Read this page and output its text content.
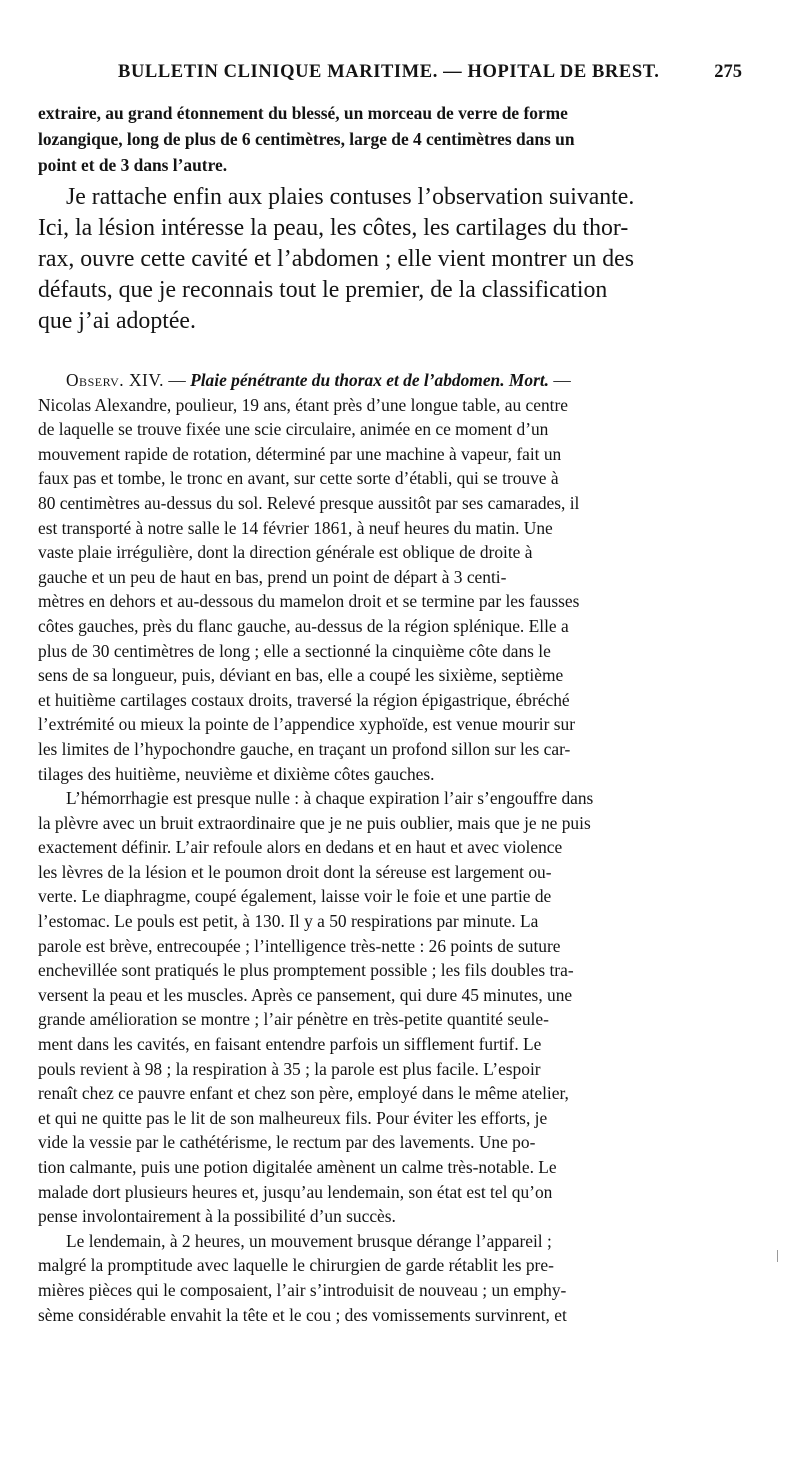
BULLETIN CLINIQUE MARITIME. — HOPITAL DE BREST.	275
extraire, au grand étonnement du blessé, un morceau de verre de forme
lozangique, long de plus de 6 centimètres, large de 4 centimètres dans un
point et de 3 dans l’autre.
Je rattache enfin aux plaies contuses l’observation suivante.
Ici, la lésion intéresse la peau, les côtes, les cartilages du thor-
rax, ouvre cette cavité et l’abdomen ; elle vient montrer un des
défauts, que je reconnais tout le premier, de la classification
que j’ai adoptée.
Observ. XIV. — Plaie pénétrante du thorax et de l’abdomen. Mort. —
Nicolas Alexandre, poulieur, 19 ans, étant près d’une longue table, au centre
de laquelle se trouve fixée une scie circulaire, animée en ce moment d’un
mouvement rapide de rotation, déterminé par une machine à vapeur, fait un
faux pas et tombe, le tronc en avant, sur cette sorte d’établi, qui se trouve à
80 centimètres au-dessus du sol. Relevé presque aussitôt par ses camarades, il
est transporté à notre salle le 14 février 1861, à neuf heures du matin. Une
vaste plaie irrégulière, dont la direction générale est oblique de droite à
gauche et un peu de haut en bas, prend un point de départ à 3 centi-
mètres en dehors et au-dessous du mamelon droit et se termine par les fausses
côtes gauches, près du flanc gauche, au-dessus de la région splénique. Elle a
plus de 30 centimètres de long ; elle a sectionné la cinquième côte dans le
sens de sa longueur, puis, déviant en bas, elle a coupé les sixième, septième
et huitième cartilages costaux droits, traversé la région épigastrique, ébréché
l’extrémité ou mieux la pointe de l’appendice xyphoïde, est venue mourir sur
les limites de l’hypochondre gauche, en traçant un profond sillon sur les car-
tilages des huitième, neuvième et dixième côtes gauches.
L’hémorrhagie est presque nulle : à chaque expiration l’air s’engouffre dans
la plèvre avec un bruit extraordinaire que je ne puis oublier, mais que je ne puis
exactement définir. L’air refoule alors en dedans et en haut et avec violence
les lèvres de la lésion et le poumon droit dont la séreuse est largement ou-
verte. Le diaphragme, coupé également, laisse voir le foie et une partie de
l’estomac. Le pouls est petit, à 130. Il y a 50 respirations par minute. La
parole est brève, entrecoupée ; l’intelligence très-nette : 26 points de suture
enchevillée sont pratiqués le plus promptement possible ; les fils doubles tra-
versent la peau et les muscles. Après ce pansement, qui dure 45 minutes, une
grande amélioration se montre ; l’air pénètre en très-petite quantité seule-
ment dans les cavités, en faisant entendre parfois un sifflement furtif. Le
pouls revient à 98 ; la respiration à 35 ; la parole est plus facile. L’espoir
renaît chez ce pauvre enfant et chez son père, employé dans le même atelier,
et qui ne quitte pas le lit de son malheureux fils. Pour éviter les efforts, je
vide la vessie par le cathétérisme, le rectum par des lavements. Une po-
tion calmante, puis une potion digitalée amènent un calme très-notable. Le
malade dort plusieurs heures et, jusqu’au lendemain, son état est tel qu’on
pense involontairement à la possibilité d’un succès.
Le lendemain, à 2 heures, un mouvement brusque dérange l’appareil ;
malgré la promptitude avec laquelle le chirurgien de garde rétablit les pre-
mières pièces qui le composaient, l’air s’introduisit de nouveau ; un emphy-
sème considérable envahit la tête et le cou ; des vomissements survinrent, et
